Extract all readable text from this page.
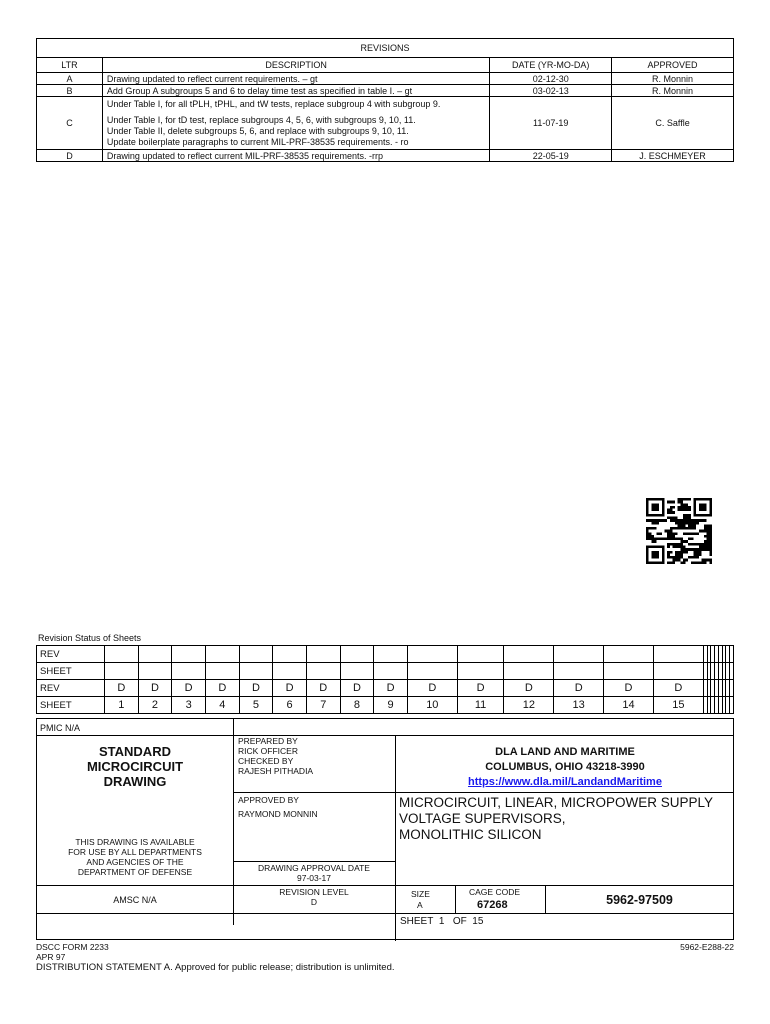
REVISIONS			
LTR	DESCRIPTION	DATE (YR-MO-DA)	APPROVED
A	Drawing updated to reflect current requirements. – gt	02-12-30	R. Monnin
B	Add Group A subgroups 5 and 6 to delay time test as specified in table I. – gt	03-02-13	R. Monnin
C	Under Table I, for all tPLH, tPHL, and tW tests, replace subgroup 4 with subgroup 9.
Under Table I, for tD test, replace subgroups 4, 5, 6, with subgroups 9, 10, 11.
Under Table II, delete subgroups 5, 6, and replace with subgroups 9, 10, 11.
Update boilerplate paragraphs to current MIL-PRF-38535 requirements. - ro	11-07-19	C. Saffle
D	Drawing updated to reflect current MIL-PRF-38535 requirements. -rrp	22-05-19	J. ESCHMEYER
Revision Status of Sheets
REV																							
SHEET																							
REV	D	D	D	D	D	D	D	D	D	D	D	D	D	D	D								
SHEET	1	2	3	4	5	6	7	8	9	10	11	12	13	14	15								
PMIC N/A
STANDARD
MICROCIRCUIT
DRAWING
THIS DRAWING IS AVAILABLE
FOR USE BY ALL DEPARTMENTS
AND AGENCIES OF THE
DEPARTMENT OF DEFENSE
AMSC N/A
PREPARED BY
RICK OFFICER
CHECKED BY
RAJESH PITHADIA
APPROVED BY
RAYMOND MONNIN
DRAWING APPROVAL DATE
97-03-17
REVISION LEVEL
D
DLA LAND AND MARITIME
COLUMBUS, OHIO 43218-3990
https://www.dla.mil/LandandMaritime
MICROCIRCUIT, LINEAR, MICROPOWER SUPPLY
VOLTAGE SUPERVISORS,
MONOLITHIC SILICON
SIZE
A
CAGE CODE
67268	5962-97509
SHEET 1 OF 15
DSCC FORM 2233
APR 97
DISTRIBUTION STATEMENT A. Approved for public release; distribution is unlimited.
5962-E288-22
